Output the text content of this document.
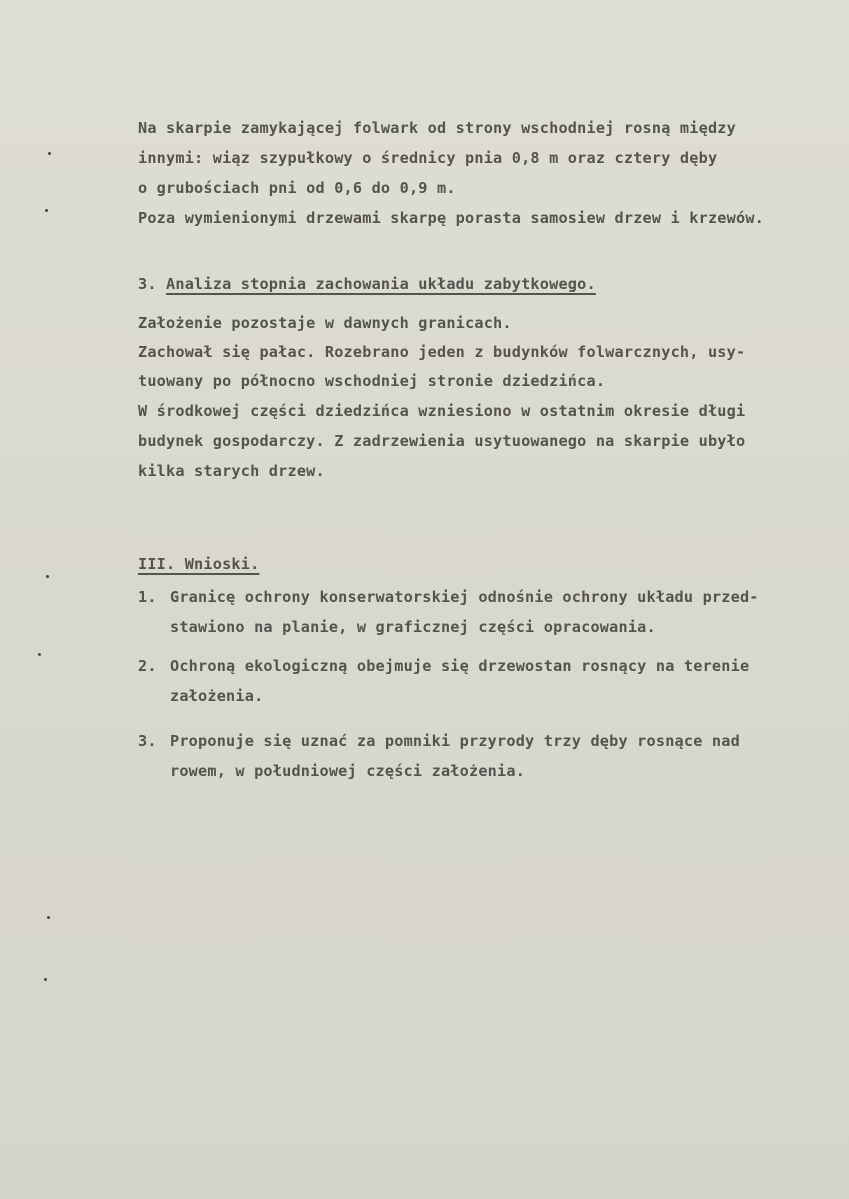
Na skarpie zamykającej folwark od strony wschodniej rosną między
innymi: wiąz szypułkowy o średnicy pnia 0,8 m oraz cztery dęby
o grubościach pni od 0,6 do 0,9 m.
Poza wymienionymi drzewami skarpę porasta samosiew drzew i krzewów.
3. Analiza stopnia zachowania układu zabytkowego.
Założenie pozostaje w dawnych granicach.
Zachował się pałac. Rozebrano jeden z budynków folwarcznych, usy-
tuowany po północno wschodniej stronie dziedzińca.
W środkowej części dziedzińca wzniesiono w ostatnim okresie długi
budynek gospodarczy. Z zadrzewienia usytuowanego na skarpie ubyło
kilka starych drzew.
III. Wnioski.
1. Granicę ochrony konserwatorskiej odnośnie ochrony układu przed-
stawiono na planie, w graficznej części opracowania.
2. Ochroną ekologiczną obejmuje się drzewostan rosnący na terenie
założenia.
3. Proponuje się uznać za pomniki przyrody trzy dęby rosnące nad
rowem, w południowej części założenia.
